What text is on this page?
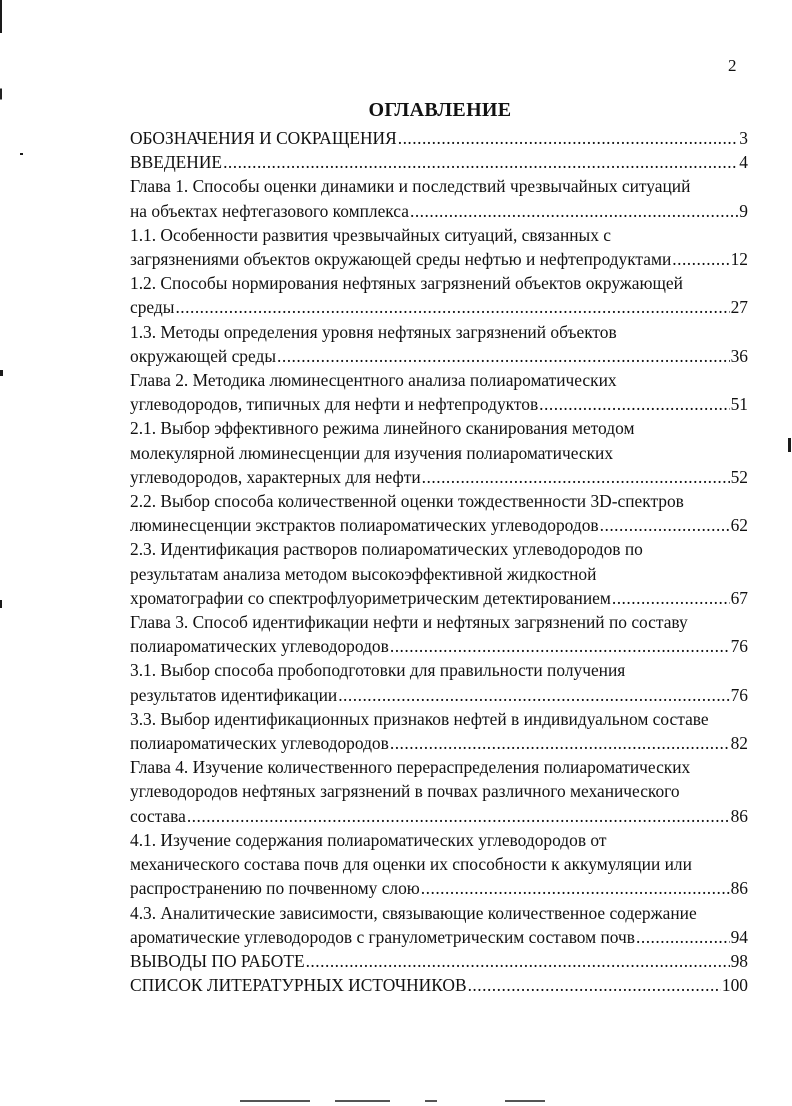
2
ОГЛАВЛЕНИЕ
ОБОЗНАЧЕНИЯ И СОКРАЩЕНИЯ .....	3
ВВЕДЕНИЕ .....	4
Глава 1. Способы оценки динамики и последствий чрезвычайных ситуаций
на объектах нефтегазового комплекса .....	9
1.1. Особенности развития чрезвычайных ситуаций, связанных с
загрязнениями объектов окружающей среды нефтью и нефтепродуктами .....	12
1.2. Способы нормирования нефтяных загрязнений объектов окружающей
среды .....	27
1.3. Методы определения уровня нефтяных загрязнений объектов
окружающей среды .....	36
Глава 2. Методика люминесцентного анализа полиароматических
углеводородов, типичных для нефти и нефтепродуктов .....	51
2.1. Выбор эффективного режима линейного сканирования методом
молекулярной люминесценции для изучения полиароматических
углеводородов, характерных для нефти .....	52
2.2. Выбор способа количественной оценки тождественности 3D-спектров
люминесценции экстрактов полиароматических углеводородов .....	62
2.3. Идентификация растворов полиароматических углеводородов по
результатам анализа методом высокоэффективной жидкостной
хроматографии со спектрофлуориметрическим детектированием .....	67
Глава 3. Способ идентификации нефти и нефтяных загрязнений по составу
полиароматических углеводородов .....	76
3.1. Выбор способа пробоподготовки для правильности получения
результатов идентификации .....	76
3.3. Выбор идентификационных признаков нефтей в индивидуальном составе
полиароматических углеводородов .....	82
Глава 4. Изучение количественного перераспределения полиароматических
углеводородов нефтяных загрязнений в почвах различного механического
состава .....	86
4.1. Изучение содержания полиароматических углеводородов от
механического состава почв для оценки их способности к аккумуляции или
распространению по почвенному слою .....	86
4.3. Аналитические зависимости, связывающие количественное содержание
ароматические углеводородов с гранулометрическим составом почв .....	94
ВЫВОДЫ ПО РАБОТЕ .....	98
СПИСОК ЛИТЕРАТУРНЫХ ИСТОЧНИКОВ .....	100
